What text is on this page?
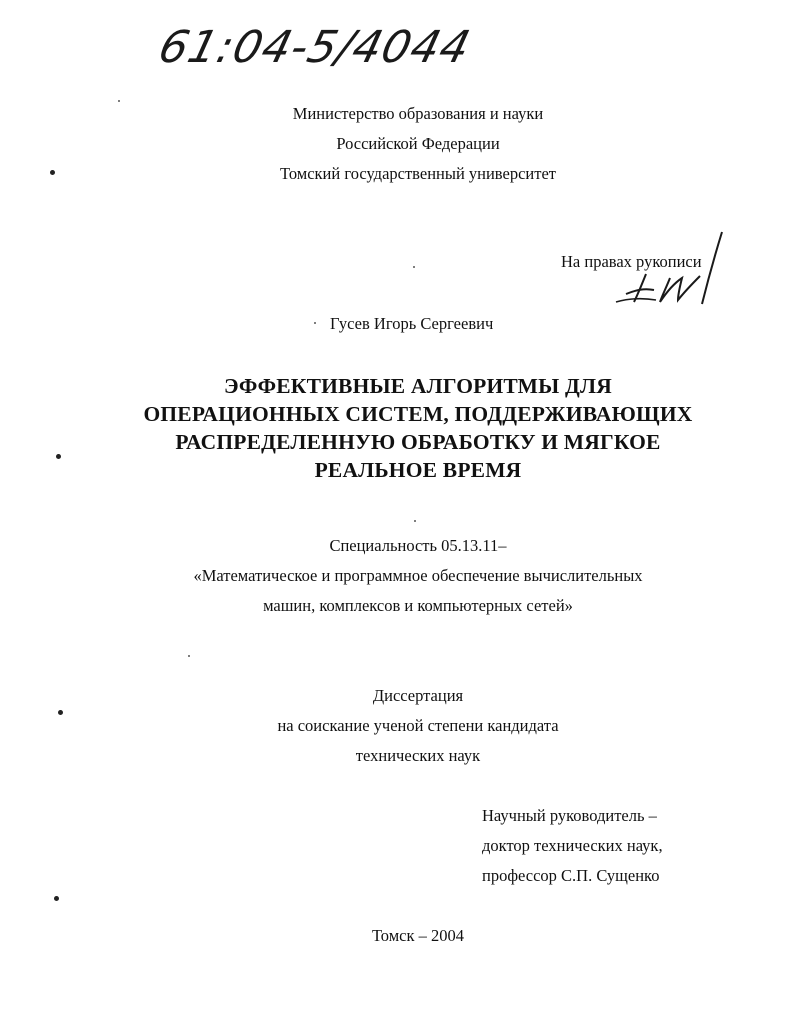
61:04-5/4044
Министерство образования и науки
Российской Федерации
Томский государственный университет
На правах рукописи
Гусев Игорь Сергеевич
ЭФФЕКТИВНЫЕ АЛГОРИТМЫ ДЛЯ
ОПЕРАЦИОННЫХ СИСТЕМ, ПОДДЕРЖИВАЮЩИХ
РАСПРЕДЕЛЕННУЮ ОБРАБОТКУ И МЯГКОЕ
РЕАЛЬНОЕ ВРЕМЯ
Специальность 05.13.11–
«Математическое и программное обеспечение вычислительных
машин, комплексов и компьютерных сетей»
Диссертация
на соискание ученой степени кандидата
технических наук
Научный руководитель –
доктор технических наук,
профессор С.П. Сущенко
Томск – 2004
